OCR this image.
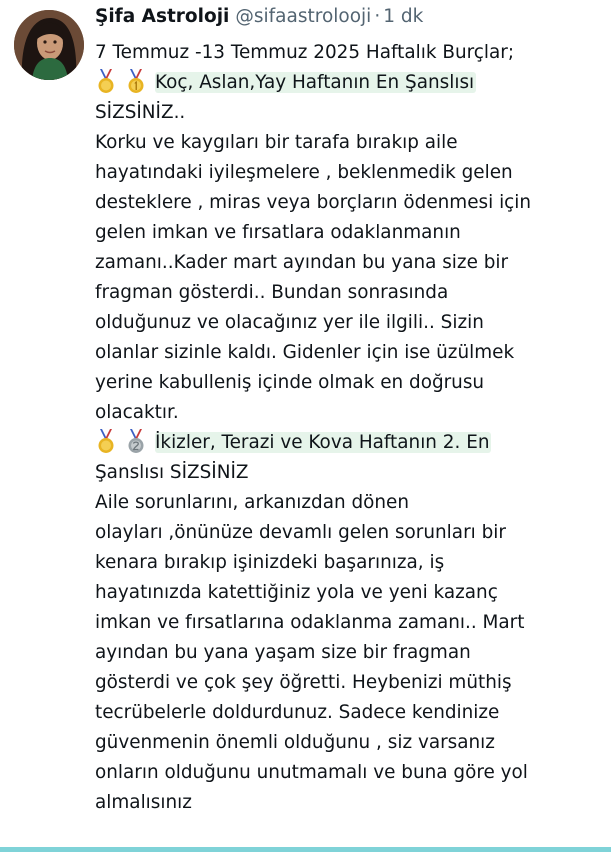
Şifa Astroloji @sifaastrolooji · 1 dk
7 Temmuz -13 Temmuz 2025 Haftalık Burçlar;
Koç, Aslan,Yay Haftanın En Şanslısı
SİZSİNİZ..
Korku ve kaygıları bir tarafa bırakıp aile
hayatındaki iyileşmelere , beklenmedik gelen
desteklere , miras veya borçların ödenmesi için
gelen imkan ve fırsatlara odaklanmanın
zamanı..Kader mart ayından bu yana size bir
fragman gösterdi.. Bundan sonrasında
olduğunuz ve olacağınız yer ile ilgili.. Sizin
olanlar sizinle kaldı. Gidenler için ise üzülmek
yerine kabulleniş içinde olmak en doğrusu
olacaktır.
İkizler, Terazi ve Kova Haftanın 2. En
Şanslısı SİZSİNİZ
Aile sorunlarını, arkanızdan dönen
olayları ,önünüze devamlı gelen sorunları bir
kenara bırakıp işinizdeki başarınıza, iş
hayatınızda katettiğiniz yola ve yeni kazanç
imkan ve fırsatlarına odaklanma zamanı.. Mart
ayından bu yana yaşam size bir fragman
gösterdi ve çok şey öğretti. Heybenizi müthiş
tecrübelerle doldurdunuz. Sadece kendinize
güvenmenin önemli olduğunu , siz varsanız
onların olduğunu unutmamalı ve buna göre yol
almalısınız
